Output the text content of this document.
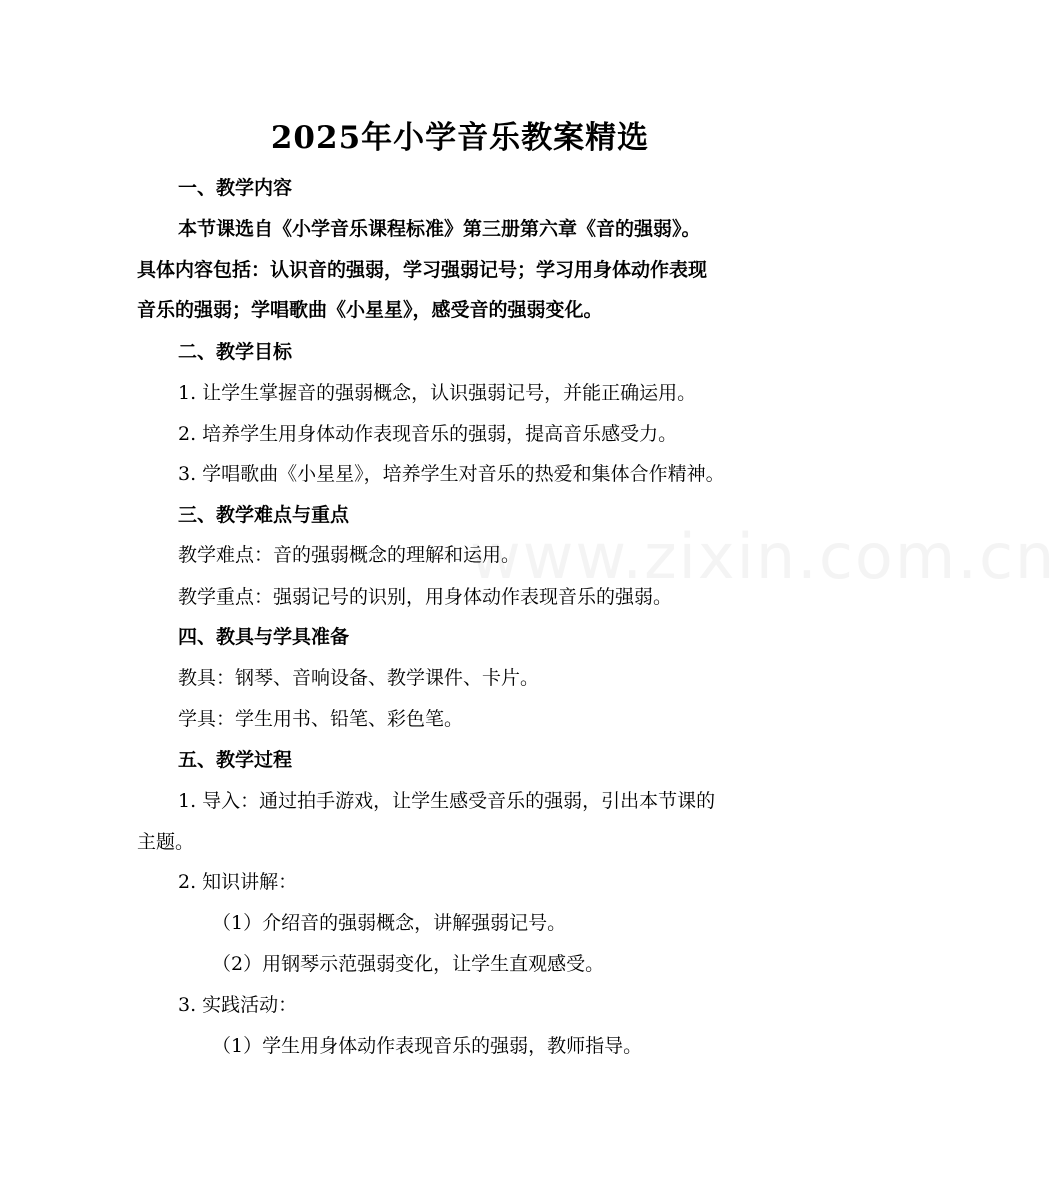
www.zixin.com.cn
2025年小学音乐教案精选
一、教学内容
本节课选自《小学音乐课程标准》第三册第六章《音的强弱》。
具体内容包括：认识音的强弱，学习强弱记号；学习用身体动作表现
音乐的强弱；学唱歌曲《小星星》，感受音的强弱变化。
二、教学目标
1. 让学生掌握音的强弱概念，认识强弱记号，并能正确运用。
2. 培养学生用身体动作表现音乐的强弱，提高音乐感受力。
3. 学唱歌曲《小星星》，培养学生对音乐的热爱和集体合作精神。
三、教学难点与重点
教学难点：音的强弱概念的理解和运用。
教学重点：强弱记号的识别，用身体动作表现音乐的强弱。
四、教具与学具准备
教具：钢琴、音响设备、教学课件、卡片。
学具：学生用书、铅笔、彩色笔。
五、教学过程
1. 导入：通过拍手游戏，让学生感受音乐的强弱，引出本节课的
主题。
2. 知识讲解：
（1）介绍音的强弱概念，讲解强弱记号。
（2）用钢琴示范强弱变化，让学生直观感受。
3. 实践活动：
（1）学生用身体动作表现音乐的强弱，教师指导。
